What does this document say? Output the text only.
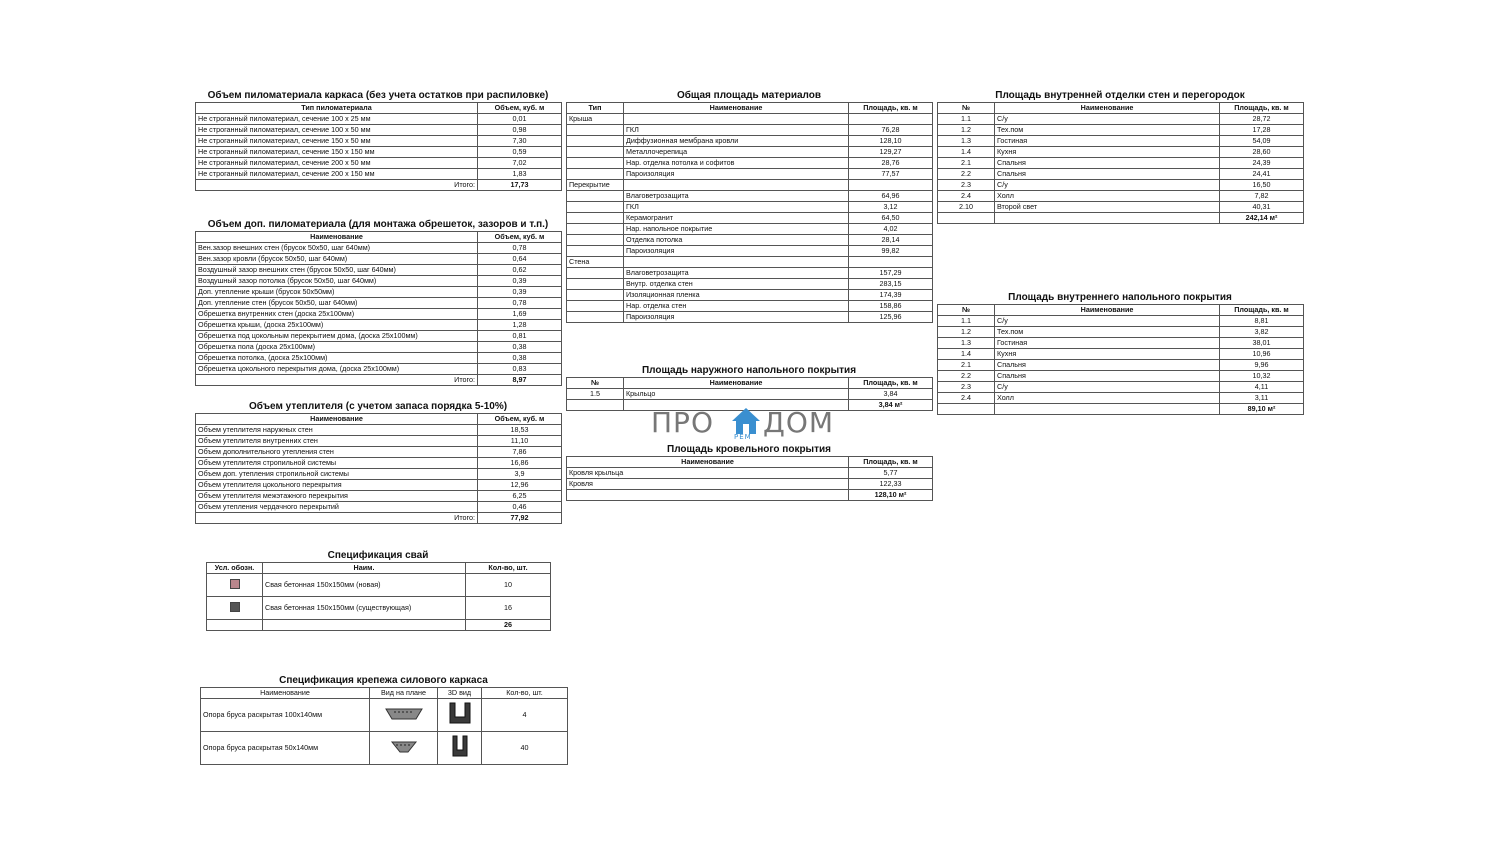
Объем пиломатериала каркаса (без учета остатков при распиловке)
Тип пиломатериала	Объем, куб. м
Не строганный пиломатериал, сечение 100 х 25 мм	0,01
Не строганный пиломатериал, сечение 100 х 50 мм	0,98
Не строганный пиломатериал, сечение 150 х 50 мм	7,30
Не строганный пиломатериал, сечение 150 х 150 мм	0,59
Не строганный пиломатериал, сечение 200 х 50 мм	7,02
Не строганный пиломатериал, сечение 200 х 150 мм	1,83
Итого:	17,73
Объем доп. пиломатериала (для монтажа обрешеток, зазоров и т.п.)
Наименование	Объем, куб. м
Вен.зазор внешних стен (брусок 50х50, шаг 640мм)	0,78
Вен.зазор кровли (брусок 50х50, шаг 640мм)	0,64
Воздушный зазор внешних стен (брусок 50х50, шаг 640мм)	0,62
Воздушный зазор потолка (брусок 50х50, шаг 640мм)	0,39
Доп. утепление крыши (брусок 50х50мм)	0,39
Доп. утепление стен (брусок 50х50, шаг 640мм)	0,78
Обрешетка внутренних стен (доска 25х100мм)	1,69
Обрешетка крыши, (доска 25х100мм)	1,28
Обрешетка под цокольным перекрытием дома, (доска 25х100мм)	0,81
Обрешетка пола (доска 25х100мм)	0,38
Обрешетка потолка, (доска 25х100мм)	0,38
Обрешетка цокольного перекрытия дома, (доска 25х100мм)	0,83
Итого:	8,97
Объем утеплителя (с учетом запаса порядка 5-10%)
Наименование	Объем, куб. м
Объем утеплителя наружных стен	18,53
Объем утеплителя внутренних стен	11,10
Объем дополнительного утепления стен	7,86
Объем утеплителя стропильной системы	16,86
Объем доп. утепления стропильной системы	3,9
Объем утеплителя цокольного перекрытия	12,96
Объем утеплителя межэтажного перекрытия	6,25
Объем утепления чердачного перекрытий	0,46
Итого:	77,92
Спецификация свай
Усл. обозн.	Наим.	Кол-во, шт.
	Свая бетонная 150х150мм (новая)	10
	Свая бетонная 150х150мм (существующая)	16
		26
Спецификация крепежа силового каркаса
Наименование	Вид на плане	3D вид	Кол-во, шт.
Опора бруса раскрытая 100х140мм			4
Опора бруса раскрытая 50х140мм			40
Общая площадь материалов
Тип	Наименование	Площадь, кв. м
Крыша		
	ГКЛ	76,28
	Диффузионная мембрана кровли	128,10
	Металлочерепица	129,27
	Нар. отделка потолка и софитов	28,76
	Пароизоляция	77,57
Перекрытие		
	Влаговетрозащита	64,96
	ГКЛ	3,12
	Керамогранит	64,50
	Нар. напольное покрытие	4,02
	Отделка потолка	28,14
	Пароизоляция	99,82
Стена		
	Влаговетрозащита	157,29
	Внутр. отделка стен	283,15
	Изоляционная пленка	174,39
	Нар. отделка стен	158,86
	Пароизоляция	125,96
Площадь наружного напольного покрытия
№	Наименование	Площадь, кв. м
1.5	Крыльцо	3,84
		3,84 м²
ПРО	РЕМ ДОМ
Площадь кровельного покрытия
Наименование	Площадь, кв. м
Кровля крыльца	5,77
Кровля	122,33
	128,10 м²
Площадь внутренней отделки стен и перегородок
№	Наименование	Площадь, кв. м
1.1	С/у	28,72
1.2	Тех.пом	17,28
1.3	Гостиная	54,09
1.4	Кухня	28,60
2.1	Спальня	24,39
2.2	Спальня	24,41
2.3	С/у	16,50
2.4	Холл	7,82
2.10	Второй свет	40,31
		242,14 м²
Площадь внутреннего напольного покрытия
№	Наименование	Площадь, кв. м
1.1	С/у	8,81
1.2	Тех.пом	3,82
1.3	Гостиная	38,01
1.4	Кухня	10,96
2.1	Спальня	9,96
2.2	Спальня	10,32
2.3	С/у	4,11
2.4	Холл	3,11
		89,10 м²
